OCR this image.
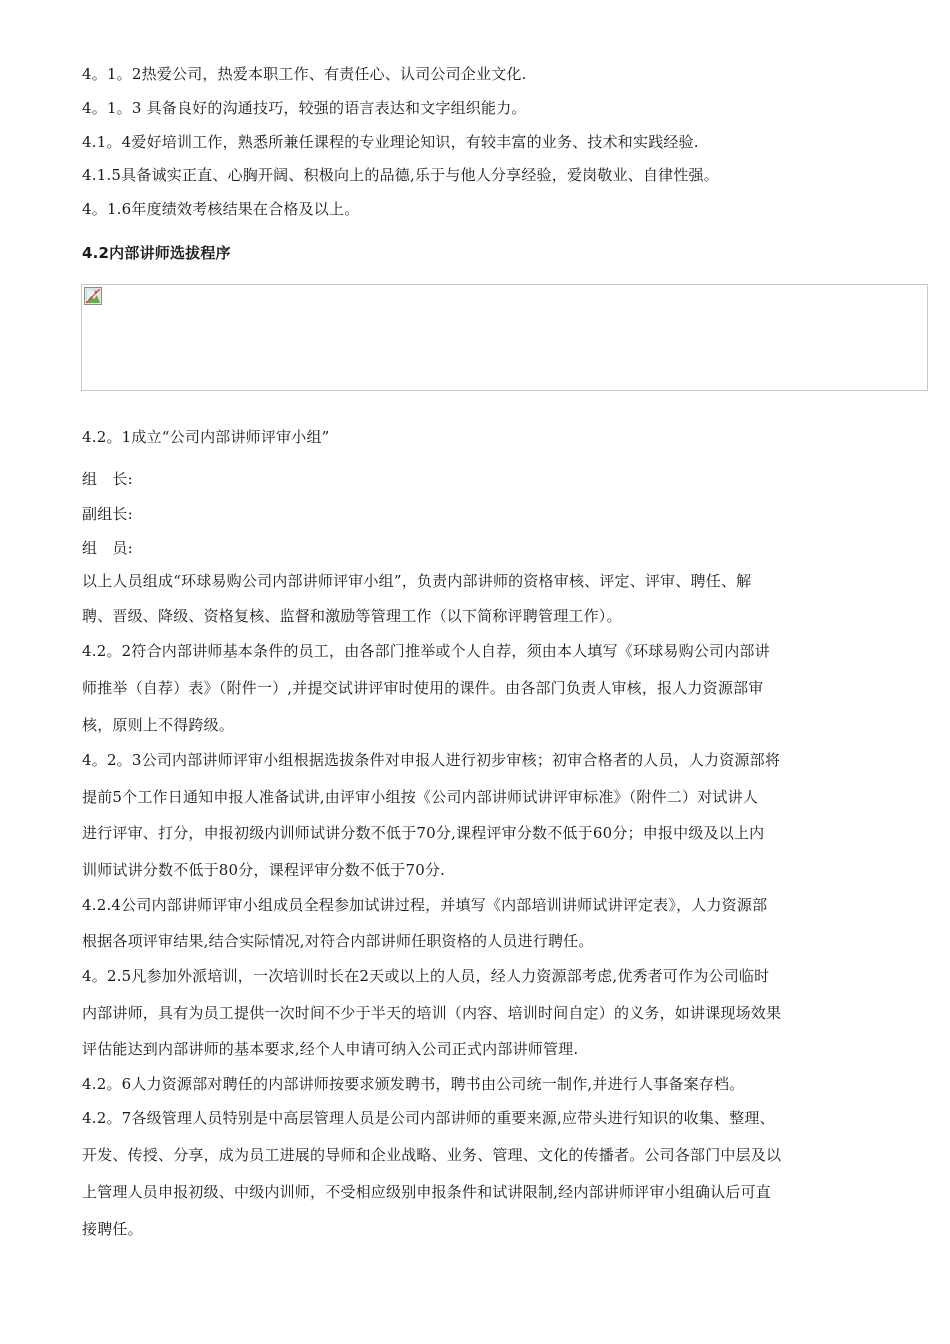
4。1。2热爱公司，热爱本职工作、有责任心、认司公司企业文化.
4。1。3 具备良好的沟通技巧，较强的语言表达和文字组织能力。
4.1。4爱好培训工作，熟悉所兼任课程的专业理论知识，有较丰富的业务、技术和实践经验.
4.1.5具备诚实正直、心胸开阔、积极向上的品德,乐于与他人分享经验，爱岗敬业、自律性强。
4。1.6年度绩效考核结果在合格及以上。
4.2内部讲师选拔程序
4.2。1成立“公司内部讲师评审小组”
组　长:
副组长:
组　员:
以上人员组成“环球易购公司内部讲师评审小组”，负责内部讲师的资格审核、评定、评审、聘任、解
聘、晋级、降级、资格复核、监督和激励等管理工作（以下简称评聘管理工作）。
4.2。2符合内部讲师基本条件的员工，由各部门推举或个人自荐，须由本人填写《环球易购公司内部讲
师推举（自荐）表》（附件一）,并提交试讲评审时使用的课件。由各部门负责人审核，报人力资源部审
核，原则上不得跨级。
4。2。3公司内部讲师评审小组根据选拔条件对申报人进行初步审核；初审合格者的人员，人力资源部将
提前5个工作日通知申报人准备试讲,由评审小组按《公司内部讲师试讲评审标准》（附件二）对试讲人
进行评审、打分，申报初级内训师试讲分数不低于70分,课程评审分数不低于60分；申报中级及以上内
训师试讲分数不低于80分，课程评审分数不低于70分.
4.2.4公司内部讲师评审小组成员全程参加试讲过程，并填写《内部培训讲师试讲评定表》，人力资源部
根据各项评审结果,结合实际情况,对符合内部讲师任职资格的人员进行聘任。
4。2.5凡参加外派培训，一次培训时长在2天或以上的人员，经人力资源部考虑,优秀者可作为公司临时
内部讲师，具有为员工提供一次时间不少于半天的培训（内容、培训时间自定）的义务，如讲课现场效果
评估能达到内部讲师的基本要求,经个人申请可纳入公司正式内部讲师管理.
4.2。6人力资源部对聘任的内部讲师按要求颁发聘书，聘书由公司统一制作,并进行人事备案存档。
4.2。7各级管理人员特别是中高层管理人员是公司内部讲师的重要来源,应带头进行知识的收集、整理、
开发、传授、分享，成为员工进展的导师和企业战略、业务、管理、文化的传播者。公司各部门中层及以
上管理人员申报初级、中级内训师，不受相应级别申报条件和试讲限制,经内部讲师评审小组确认后可直
接聘任。
